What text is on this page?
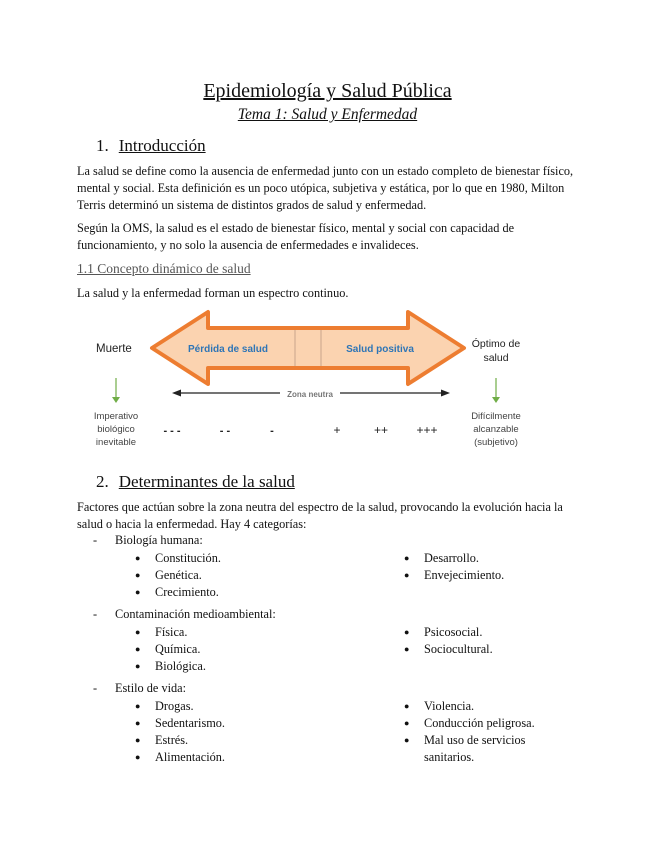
Epidemiología y Salud Pública
Tema 1: Salud y Enfermedad
1. Introducción
La salud se define como la ausencia de enfermedad junto con un estado completo de bienestar físico, mental y social. Esta definición es un poco utópica, subjetiva y estática, por lo que en 1980, Milton Terris determinó un sistema de distintos grados de salud y enfermedad.
Según la OMS, la salud es el estado de bienestar físico, mental y social con capacidad de funcionamiento, y no solo la ausencia de enfermedades e invalideces.
1.1 Concepto dinámico de salud
La salud y la enfermedad forman un espectro continuo.
Muerte	Óptimo de
salud
Pérdida de salud	Salud positiva
Zona neutra
Imperativo
biológico
inevitable
Difícilmente
alcanzable
(subjetivo)
- - -	- -	-	+	++ +++
2. Determinantes de la salud
Factores que actúan sobre la zona neutra del espectro de la salud, provocando la evolución hacia la salud o hacia la enfermedad. Hay 4 categorías:
- Biología humana:
● Constitución.
● Genética.
● Crecimiento.
● Desarrollo.
● Envejecimiento.
- Contaminación medioambiental:
● Física.
● Química.
● Biológica.
● Psicosocial.
● Sociocultural.
- Estilo de vida:
● Drogas.
● Sedentarismo.
● Estrés.
● Alimentación.
● Violencia.
● Conducción peligrosa.
● Mal uso de servicios sanitarios.
